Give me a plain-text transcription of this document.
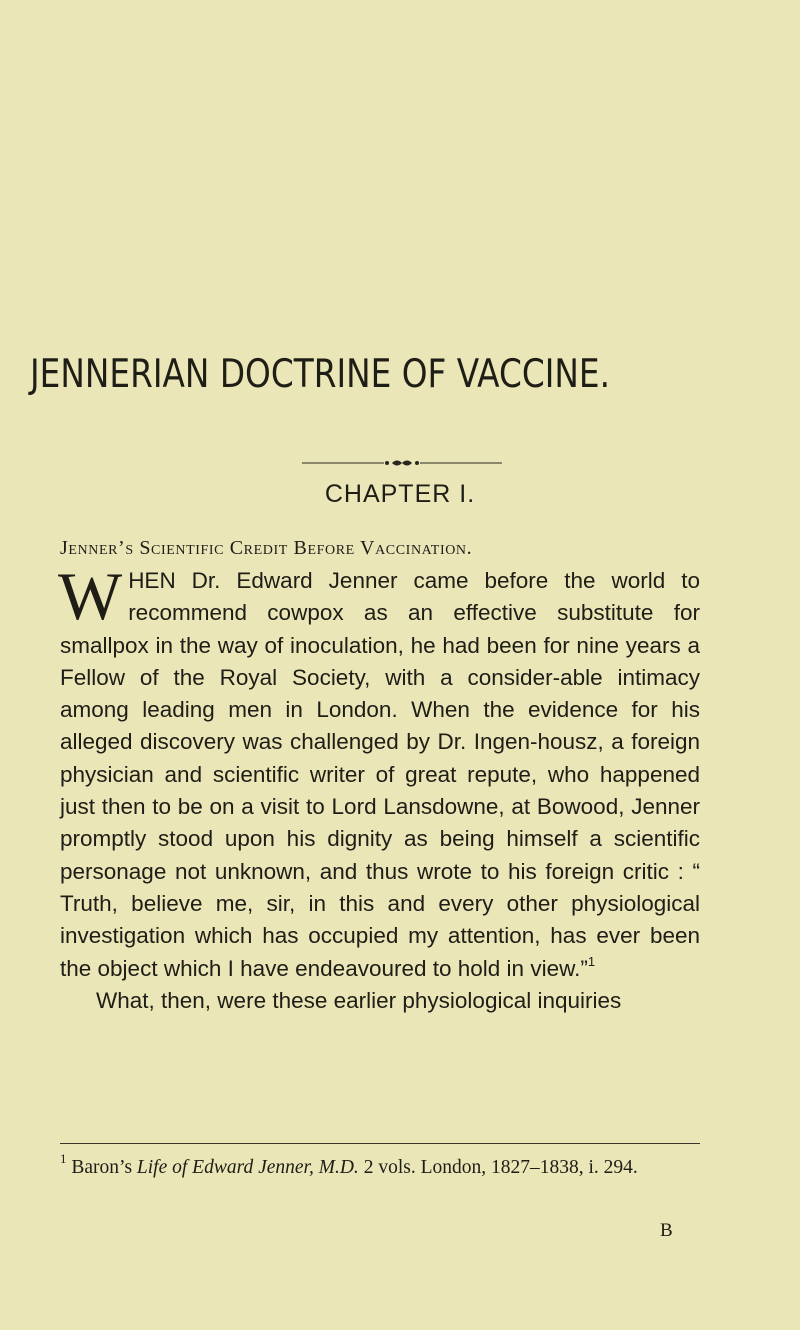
JENNERIAN DOCTRINE OF VACCINE.
CHAPTER I.
Jenner’s Scientific Credit Before Vaccination.

WHEN Dr. Edward Jenner came before the world to recommend cowpox as an effective substitute for smallpox in the way of inoculation, he had been for nine years a Fellow of the Royal Society, with a consider-able intimacy among leading men in London. When the evidence for his alleged discovery was challenged by Dr. Ingen-housz, a foreign physician and scientific writer of great repute, who happened just then to be on a visit to Lord Lansdowne, at Bowood, Jenner promptly stood upon his dignity as being himself a scientific personage not unknown, and thus wrote to his foreign critic : “ Truth, believe me, sir, in this and every other physiological investigation which has occupied my attention, has ever been the object which I have endeavoured to hold in view.”$^1$

What, then, were these earlier physiological inquiries

$^1$ Baron’s Life of Edward Jenner, M.D. 2 vols. London, 1827–1838, i. 294.

B
